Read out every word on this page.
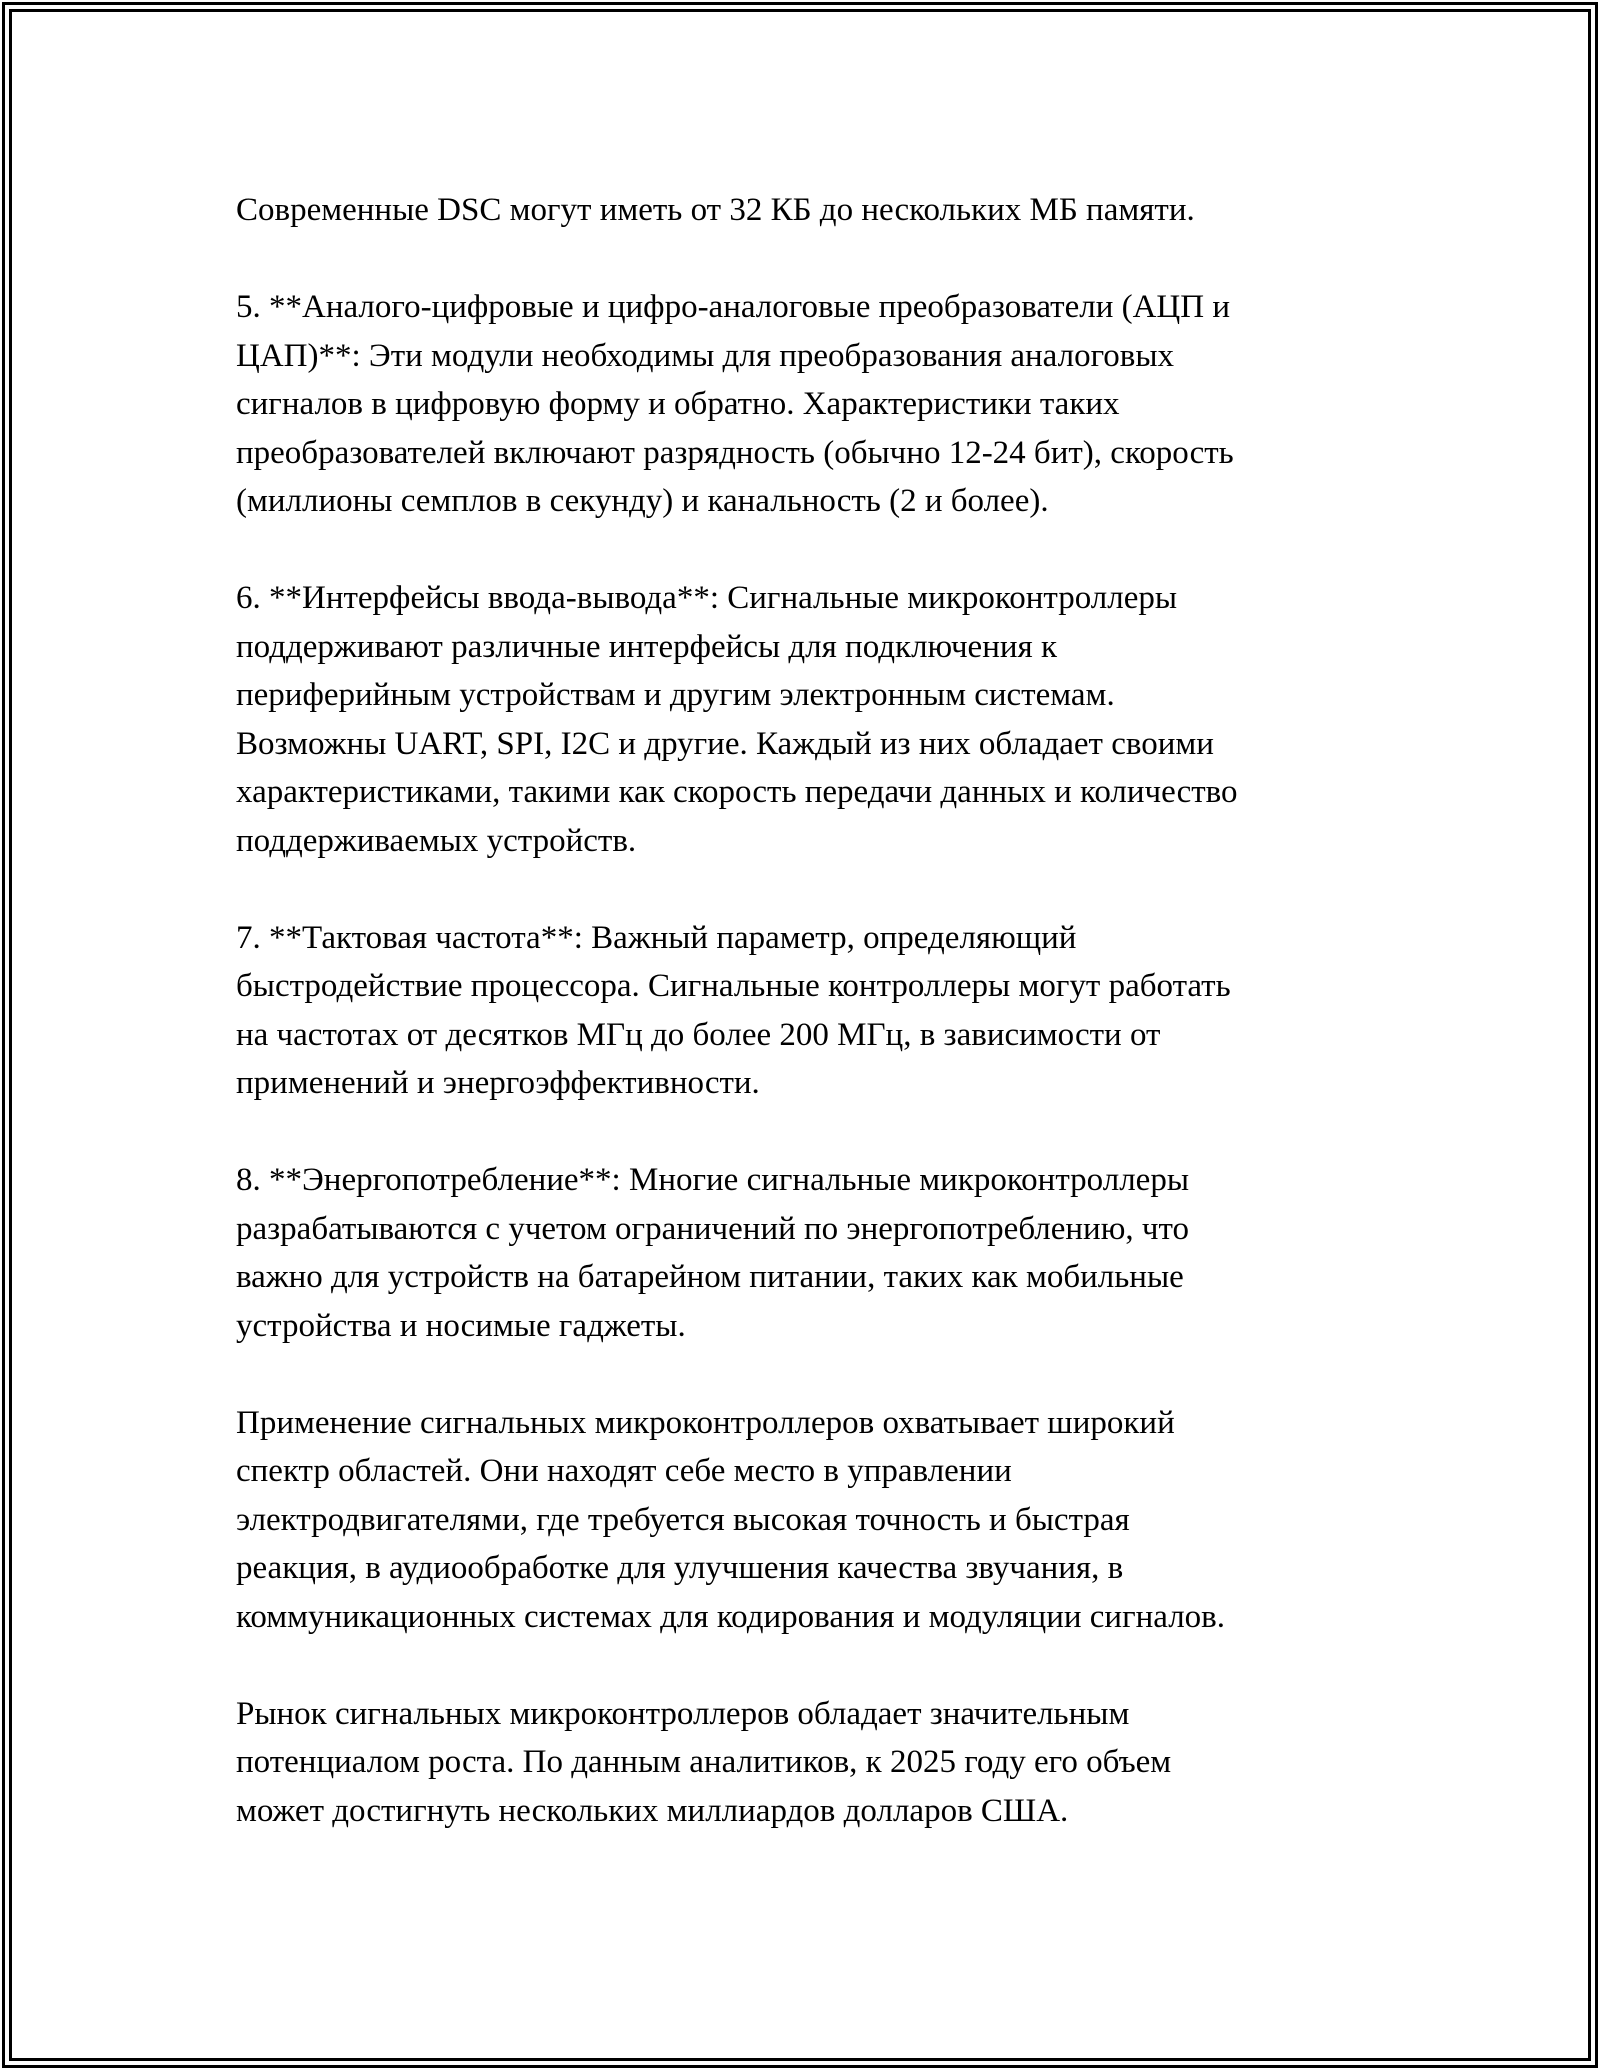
Современные DSC могут иметь от 32 КБ до нескольких МБ памяти.

5. **Аналого-цифровые и цифро-аналоговые преобразователи (АЦП и
ЦАП)**: Эти модули необходимы для преобразования аналоговых
сигналов в цифровую форму и обратно. Характеристики таких
преобразователей включают разрядность (обычно 12-24 бит), скорость
(миллионы семплов в секунду) и канальность (2 и более).

6. **Интерфейсы ввода-вывода**: Сигнальные микроконтроллеры
поддерживают различные интерфейсы для подключения к
периферийным устройствам и другим электронным системам.
Возможны UART, SPI, I2C и другие. Каждый из них обладает своими
характеристиками, такими как скорость передачи данных и количество
поддерживаемых устройств.

7. **Тактовая частота**: Важный параметр, определяющий
быстродействие процессора. Сигнальные контроллеры могут работать
на частотах от десятков МГц до более 200 МГц, в зависимости от
применений и энергоэффективности.

8. **Энергопотребление**: Многие сигнальные микроконтроллеры
разрабатываются с учетом ограничений по энергопотреблению, что
важно для устройств на батарейном питании, таких как мобильные
устройства и носимые гаджеты.

Применение сигнальных микроконтроллеров охватывает широкий
спектр областей. Они находят себе место в управлении
электродвигателями, где требуется высокая точность и быстрая
реакция, в аудиообработке для улучшения качества звучания, в
коммуникационных системах для кодирования и модуляции сигналов.

Рынок сигнальных микроконтроллеров обладает значительным
потенциалом роста. По данным аналитиков, к 2025 году его объем
может достигнуть нескольких миллиардов долларов США.
